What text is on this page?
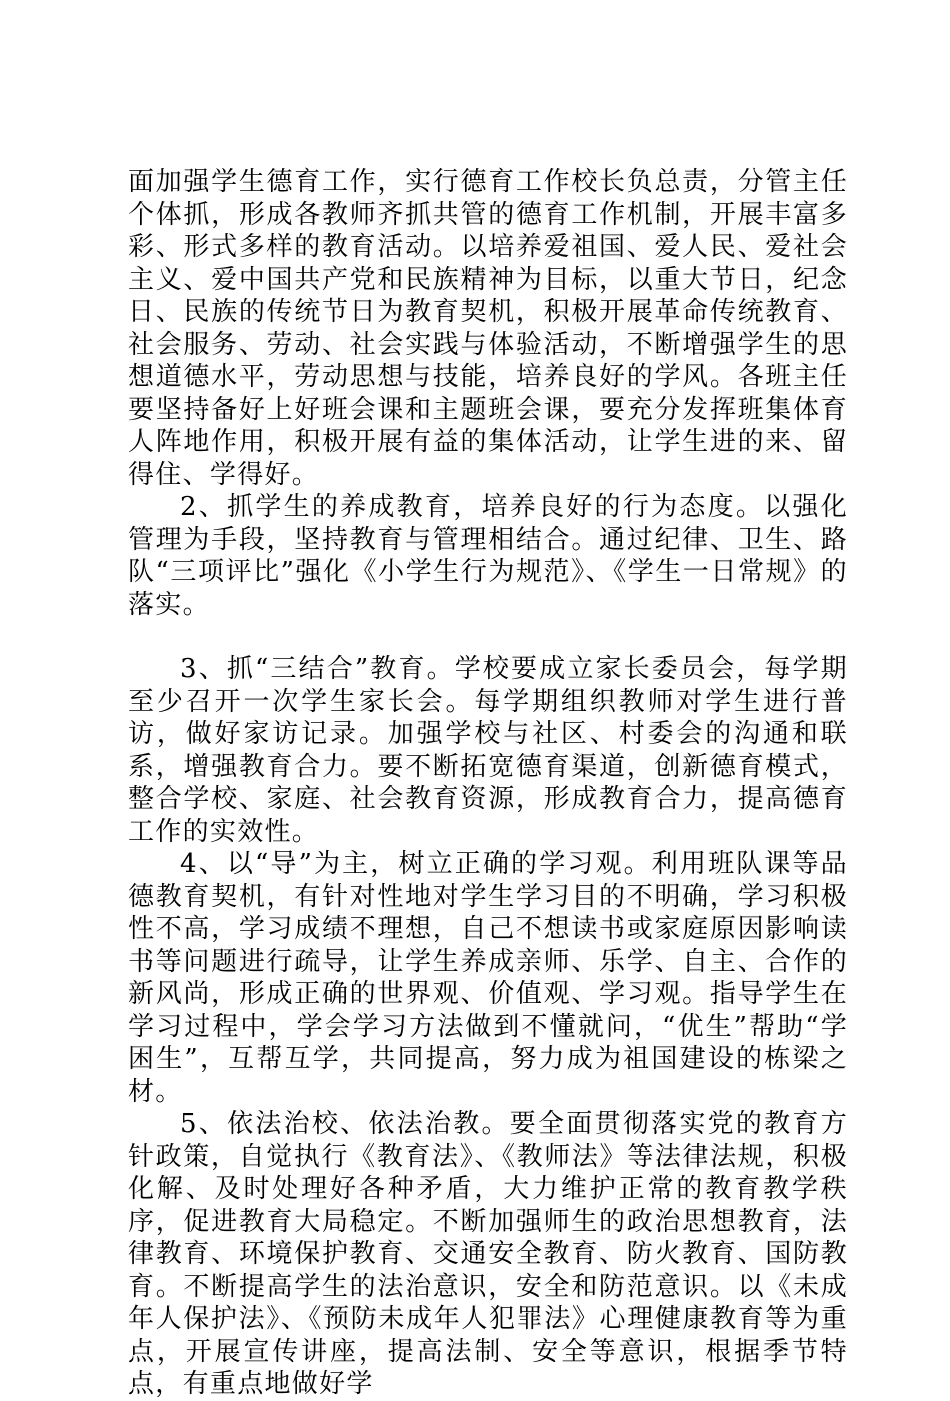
面加强学生德育工作，实行德育工作校长负总责，分管主任个体抓，形成各教师齐抓共管的德育工作机制，开展丰富多彩、形式多样的教育活动。以培养爱祖国、爱人民、爱社会主义、爱中国共产党和民族精神为目标，以重大节日，纪念日、民族的传统节日为教育契机，积极开展革命传统教育、社会服务、劳动、社会实践与体验活动，不断增强学生的思想道德水平，劳动思想与技能，培养良好的学风。各班主任要坚持备好上好班会课和主题班会课，要充分发挥班集体育人阵地作用，积极开展有益的集体活动，让学生进的来、留得住、学得好。

2、抓学生的养成教育，培养良好的行为态度。以强化管理为手段，坚持教育与管理相结合。通过纪律、卫生、路队“三项评比”强化《小学生行为规范》、《学生一日常规》的落实。

3、抓“三结合”教育。学校要成立家长委员会，每学期至少召开一次学生家长会。每学期组织教师对学生进行普访，做好家访记录。加强学校与社区、村委会的沟通和联系，增强教育合力。要不断拓宽德育渠道，创新德育模式，整合学校、家庭、社会教育资源，形成教育合力，提高德育工作的实效性。

4、以“导”为主，树立正确的学习观。利用班队课等品德教育契机，有针对性地对学生学习目的不明确，学习积极性不高，学习成绩不理想，自己不想读书或家庭原因影响读书等问题进行疏导，让学生养成亲师、乐学、自主、合作的新风尚，形成正确的世界观、价值观、学习观。指导学生在学习过程中，学会学习方法做到不懂就问，“优生”帮助“学困生”，互帮互学，共同提高，努力成为祖国建设的栋梁之材。

5、依法治校、依法治教。要全面贯彻落实党的教育方针政策，自觉执行《教育法》、《教师法》等法律法规，积极化解、及时处理好各种矛盾，大力维护正常的教育教学秩序，促进教育大局稳定。不断加强师生的政治思想教育，法律教育、环境保护教育、交通安全教育、防火教育、国防教育。不断提高学生的法治意识，安全和防范意识。以《未成年人保护法》、《预防未成年人犯罪法》心理健康教育等为重点，开展宣传讲座，提高法制、安全等意识，根据季节特点，有重点地做好学
